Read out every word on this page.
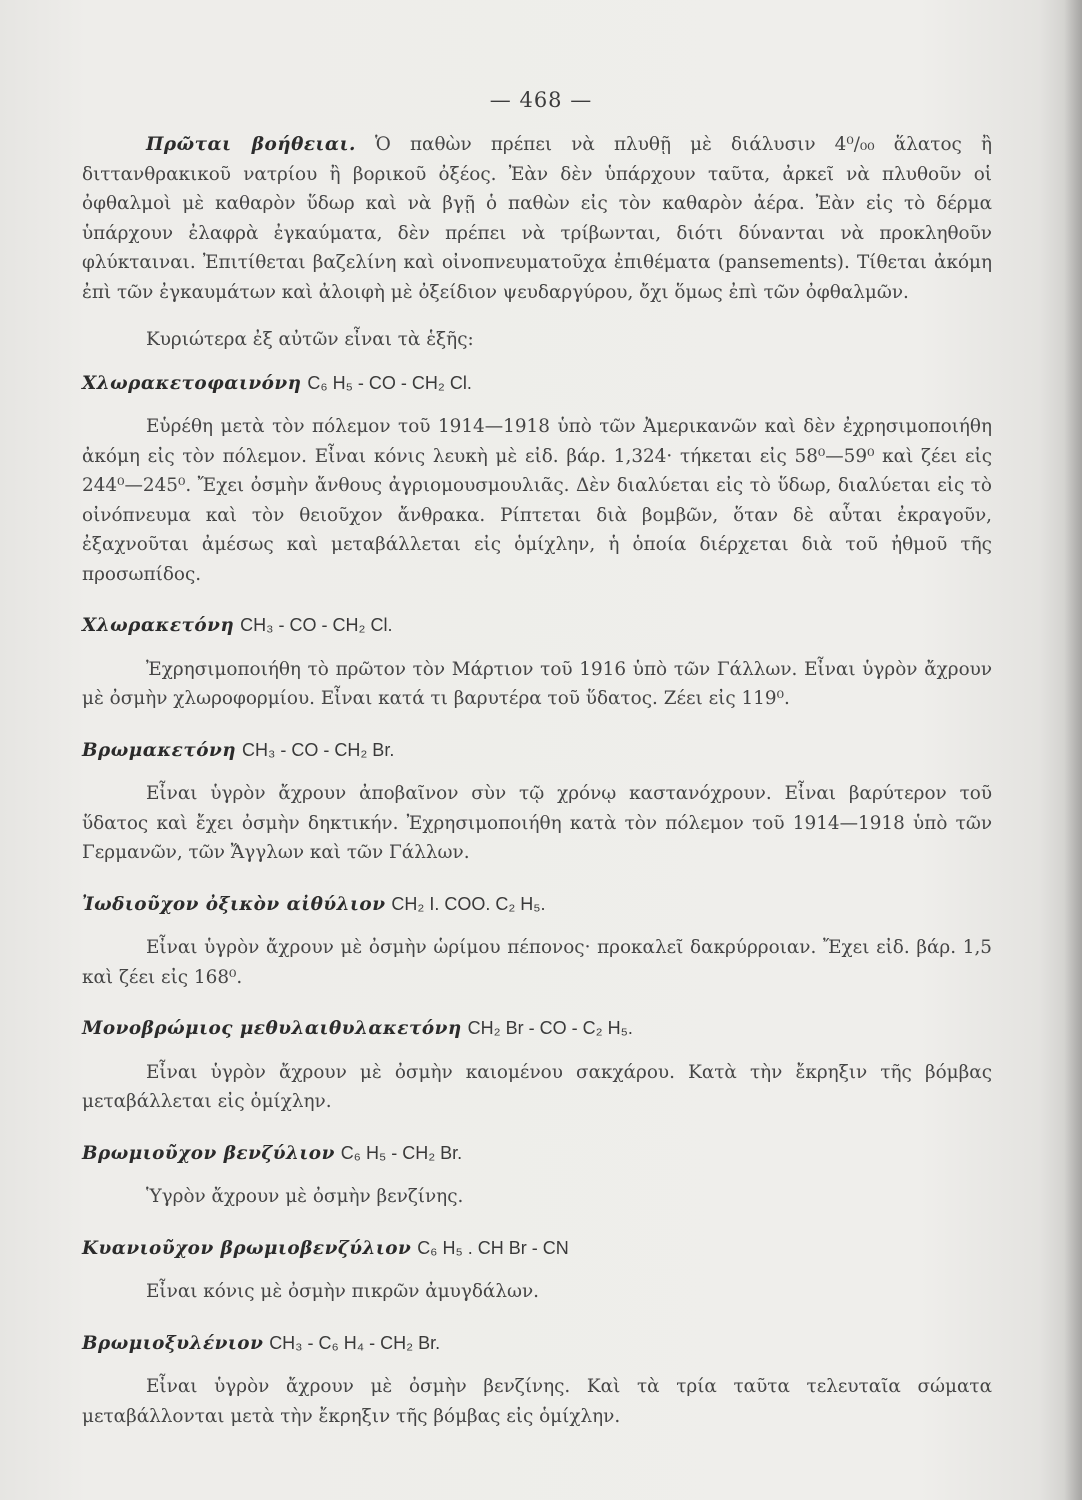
— 468 —

Πρῶται βοήθειαι. Ὁ παθὼν πρέπει νὰ πλυθῇ μὲ διάλυσιν 4⁰/₀₀ ἅλατος ἢ διττανθρακικοῦ νατρίου ἢ βορικοῦ ὀξέος. Ἐὰν δὲν ὑπάρχουν ταῦτα, ἀρκεῖ νὰ πλυθοῦν οἱ ὀφθαλμοὶ μὲ καθαρὸν ὕδωρ καὶ νὰ βγῇ ὁ παθὼν εἰς τὸν καθαρὸν ἀέρα. Ἐὰν εἰς τὸ δέρμα ὑπάρχουν ἐλαφρὰ ἐγκαύματα, δὲν πρέπει νὰ τρίβωνται, διότι δύνανται νὰ προκληθοῦν φλύκταιναι. Ἐπιτίθεται βαζελίνη καὶ οἰνοπνευματοῦχα ἐπιθέματα (pansements). Τίθεται ἀκόμη ἐπὶ τῶν ἐγκαυμάτων καὶ ἀλοιφὴ μὲ ὀξείδιον ψευδαργύρου, ὄχι ὅμως ἐπὶ τῶν ὀφθαλμῶν.

Κυριώτερα ἐξ αὐτῶν εἶναι τὰ ἑξῆς:

Χλωρακετοφαινόνη C₆ H₅ - CO - CH₂ Cl.

Εὑρέθη μετὰ τὸν πόλεμον τοῦ 1914—1918 ὑπὸ τῶν Ἀμερικανῶν καὶ δὲν ἐχρησιμοποιήθη ἀκόμη εἰς τὸν πόλεμον. Εἶναι κόνις λευκὴ μὲ εἰδ. βάρ. 1,324· τήκεται εἰς 58⁰—59⁰ καὶ ζέει εἰς 244⁰—245⁰. Ἔχει ὀσμὴν ἄνθους ἀγριομουσμουλιᾶς. Δὲν διαλύεται εἰς τὸ ὕδωρ, διαλύεται εἰς τὸ οἰνόπνευμα καὶ τὸν θειοῦχον ἄνθρακα. Ρίπτεται διὰ βομβῶν, ὅταν δὲ αὗται ἐκραγοῦν, ἐξαχνοῦται ἀμέσως καὶ μεταβάλλεται εἰς ὁμίχλην, ἡ ὁποία διέρχεται διὰ τοῦ ἠθμοῦ τῆς προσωπίδος.

Χλωρακετόνη CH₃ - CO - CH₂ Cl.

Ἐχρησιμοποιήθη τὸ πρῶτον τὸν Μάρτιον τοῦ 1916 ὑπὸ τῶν Γάλλων. Εἶναι ὑγρὸν ἄχρουν μὲ ὀσμὴν χλωροφορμίου. Εἶναι κατά τι βαρυτέρα τοῦ ὕδατος. Ζέει εἰς 119⁰.

Βρωμακετόνη CH₃ - CO - CH₂ Br.

Εἶναι ὑγρὸν ἄχρουν ἀποβαῖνον σὺν τῷ χρόνῳ καστανόχρουν. Εἶναι βαρύτερον τοῦ ὕδατος καὶ ἔχει ὀσμὴν δηκτικήν. Ἐχρησιμοποιήθη κατὰ τὸν πόλεμον τοῦ 1914—1918 ὑπὸ τῶν Γερμανῶν, τῶν Ἄγγλων καὶ τῶν Γάλλων.

Ἰωδιοῦχον ὀξικὸν αἰθύλιον CH₂ I. COO. C₂ H₅.

Εἶναι ὑγρὸν ἄχρουν μὲ ὀσμὴν ὡρίμου πέπονος· προκαλεῖ δακρύρροιαν. Ἔχει εἰδ. βάρ. 1,5 καὶ ζέει εἰς 168⁰.

Μονοβρώμιος μεθυλαιθυλακετόνη CH₂ Br - CO - C₂ H₅.

Εἶναι ὑγρὸν ἄχρουν μὲ ὀσμὴν καιομένου σακχάρου. Κατὰ τὴν ἔκρηξιν τῆς βόμβας μεταβάλλεται εἰς ὁμίχλην.

Βρωμιοῦχον βενζύλιον C₆ H₅ - CH₂ Br.

Ὑγρὸν ἄχρουν μὲ ὀσμὴν βενζίνης.

Κυανιοῦχον βρωμιοβενζύλιον C₆ H₅ . CH Br - CN

Εἶναι κόνις μὲ ὀσμὴν πικρῶν ἀμυγδάλων.

Βρωμιοξυλένιον CH₃ - C₆ H₄ - CH₂ Br.

Εἶναι ὑγρὸν ἄχρουν μὲ ὀσμὴν βενζίνης. Καὶ τὰ τρία ταῦτα τελευταῖα σώματα μεταβάλλονται μετὰ τὴν ἔκρηξιν τῆς βόμβας εἰς ὁμίχλην.
